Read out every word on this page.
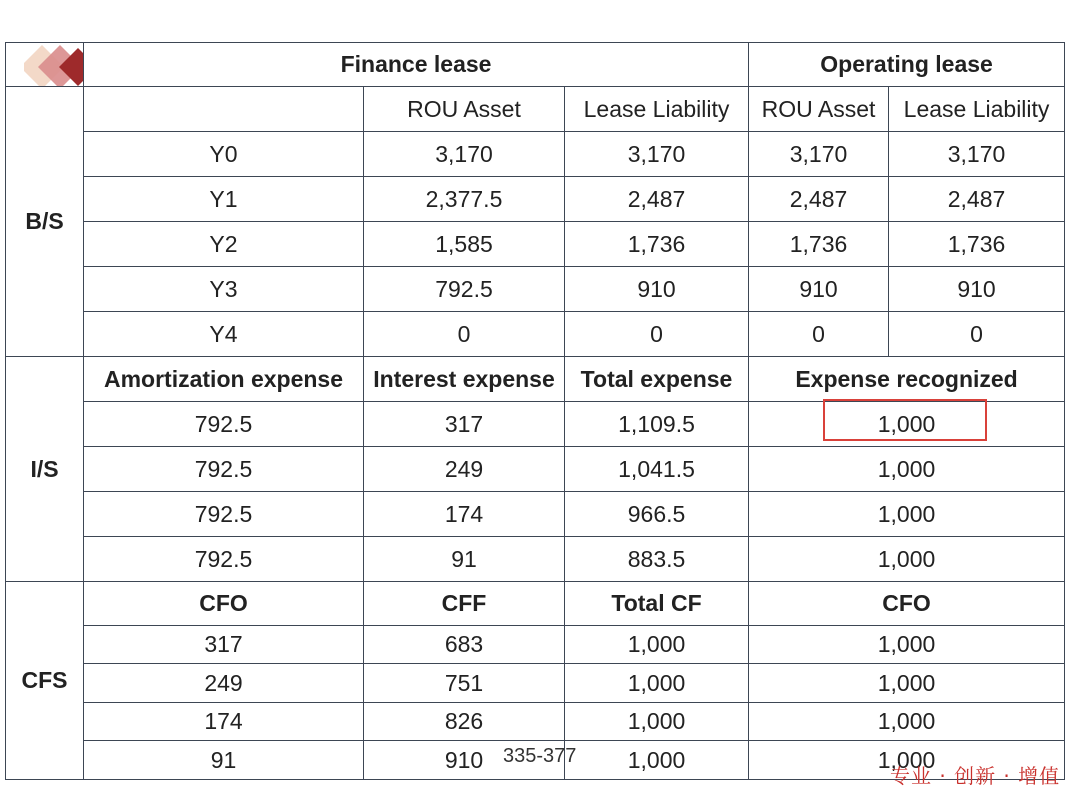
	Finance lease			Operating lease	
B/S		ROU Asset	Lease Liability	ROU Asset	Lease Liability
	Y0	3,170	3,170	3,170	3,170
	Y1	2,377.5	2,487	2,487	2,487
	Y2	1,585	1,736	1,736	1,736
	Y3	792.5	910	910	910
	Y4	0	0	0	0
I/S	Amortization expense	Interest expense	Total expense	Expense recognized	
	792.5	317	1,109.5	1,000	
	792.5	249	1,041.5	1,000	
	792.5	174	966.5	1,000	
	792.5	91	883.5	1,000	
CFS	CFO	CFF	Total CF	CFO	
	317	683	1,000	1,000	
	249	751	1,000	1,000	
	174	826	1,000	1,000	
	91	910	1,000	1,000	
335-377
专业 · 创新 · 增值
